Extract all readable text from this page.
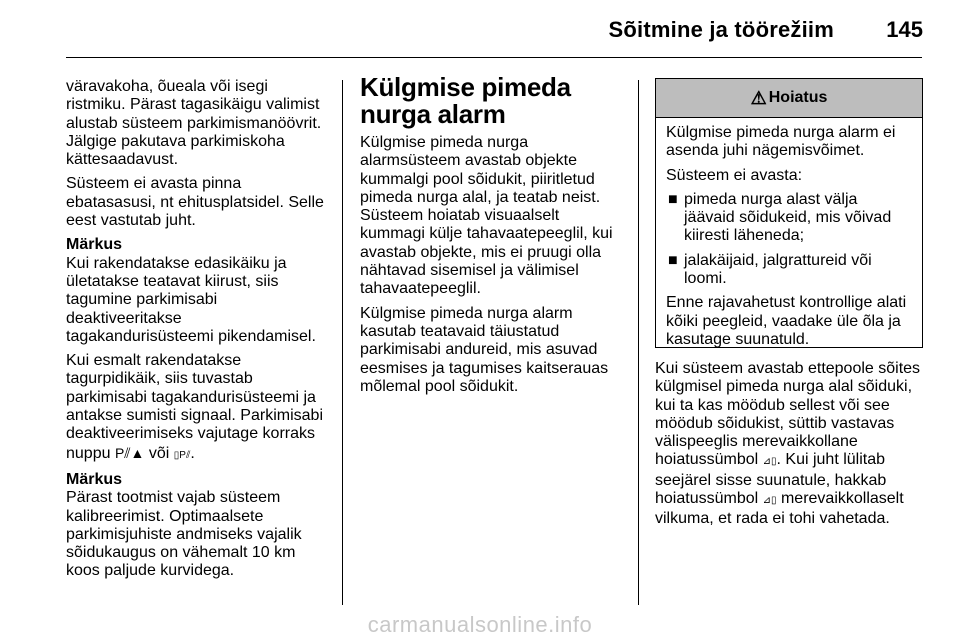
Sõitmine ja töörežiim 145

väravakoha, õueala või isegi ristmiku. Pärast tagasikäigu valimist alustab süsteem parkimismanöövrit. Jälgige pakutava parkimiskoha kättesaadavust.

Süsteem ei avasta pinna ebatasasusi, nt ehitusplatsidel. Selle eest vastutab juht.

Märkus

Kui rakendatakse edasikäiku ja ületatakse teatavat kiirust, siis tagumine parkimisabi deaktiveeritakse tagakandurisüsteemi pikendamisel.

Kui esmalt rakendatakse tagurpidikäik, siis tuvastab parkimisabi tagakandurisüsteemi ja antakse sumisti signaal. Parkimisabi deaktiveerimiseks vajutage korraks nuppu P⫽▲ või ▯P⫽.

Märkus

Pärast tootmist vajab süsteem kalibreerimist. Optimaalsete parkimisjuhiste andmiseks vajalik sõidukaugus on vähemalt 10 km koos paljude kurvidega.

Külgmise pimeda nurga alarm

Külgmise pimeda nurga alarmsüsteem avastab objekte kummalgi pool sõidukit, piiritletud pimeda nurga alal, ja teatab neist. Süsteem hoiatab visuaalselt kummagi külje tahavaatepeeglil, kui avastab objekte, mis ei pruugi olla nähtavad sisemisel ja välimisel tahavaatepeeglil.

Külgmise pimeda nurga alarm kasutab teatavaid täiustatud parkimisabi andureid, mis asuvad eesmises ja tagumises kaitserauas mõlemal pool sõidukit.

⚠ Hoiatus

Külgmise pimeda nurga alarm ei asenda juhi nägemisvõimet.

Süsteem ei avasta:

■ pimeda nurga alast välja jäävaid sõidukeid, mis võivad kiiresti läheneda;
■ jalakäijaid, jalgrattureid või loomi.

Enne rajavahetust kontrollige alati kõiki peegleid, vaadake üle õla ja kasutage suunatuld.

Kui süsteem avastab ettepoole sõites külgmisel pimeda nurga alal sõiduki, kui ta kas möödub sellest või see möödub sõidukist, süttib vastavas välispeeglis merevaikkollane hoiatussümbol ⊿▯. Kui juht lülitab seejärel sisse suunatule, hakkab hoiatussümbol ⊿▯ merevaikkollaselt vilkuma, et rada ei tohi vahetada.

carmanualsonline.info
